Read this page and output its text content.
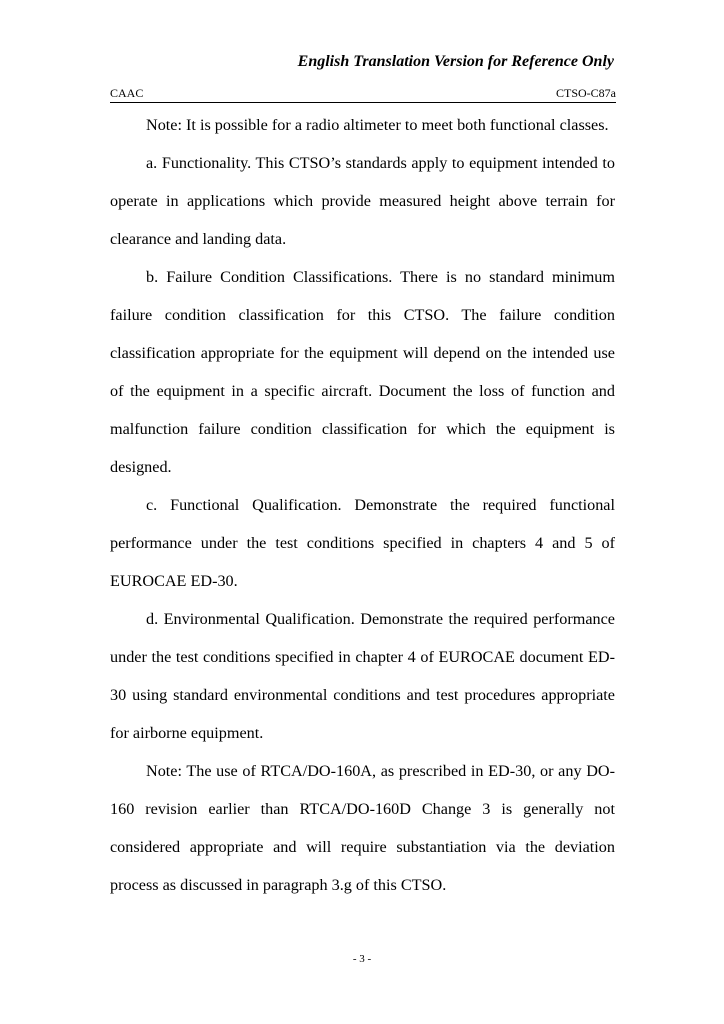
English Translation Version for Reference Only
CAAC	CTSO-C87a

Note: It is possible for a radio altimeter to meet both functional classes.

a. Functionality. This CTSO’s standards apply to equipment intended to operate in applications which provide measured height above terrain for clearance and landing data.

b. Failure Condition Classifications. There is no standard minimum failure condition classification for this CTSO. The failure condition classification appropriate for the equipment will depend on the intended use of the equipment in a specific aircraft. Document the loss of function and malfunction failure condition classification for which the equipment is designed.

c. Functional Qualification. Demonstrate the required functional performance under the test conditions specified in chapters 4 and 5 of EUROCAE ED-30.

d. Environmental Qualification. Demonstrate the required performance under the test conditions specified in chapter 4 of EUROCAE document ED-30 using standard environmental conditions and test procedures appropriate for airborne equipment.

Note: The use of RTCA/DO-160A, as prescribed in ED-30, or any DO-160 revision earlier than RTCA/DO-160D Change 3 is generally not considered appropriate and will require substantiation via the deviation process as discussed in paragraph 3.g of this CTSO.

- 3 -
